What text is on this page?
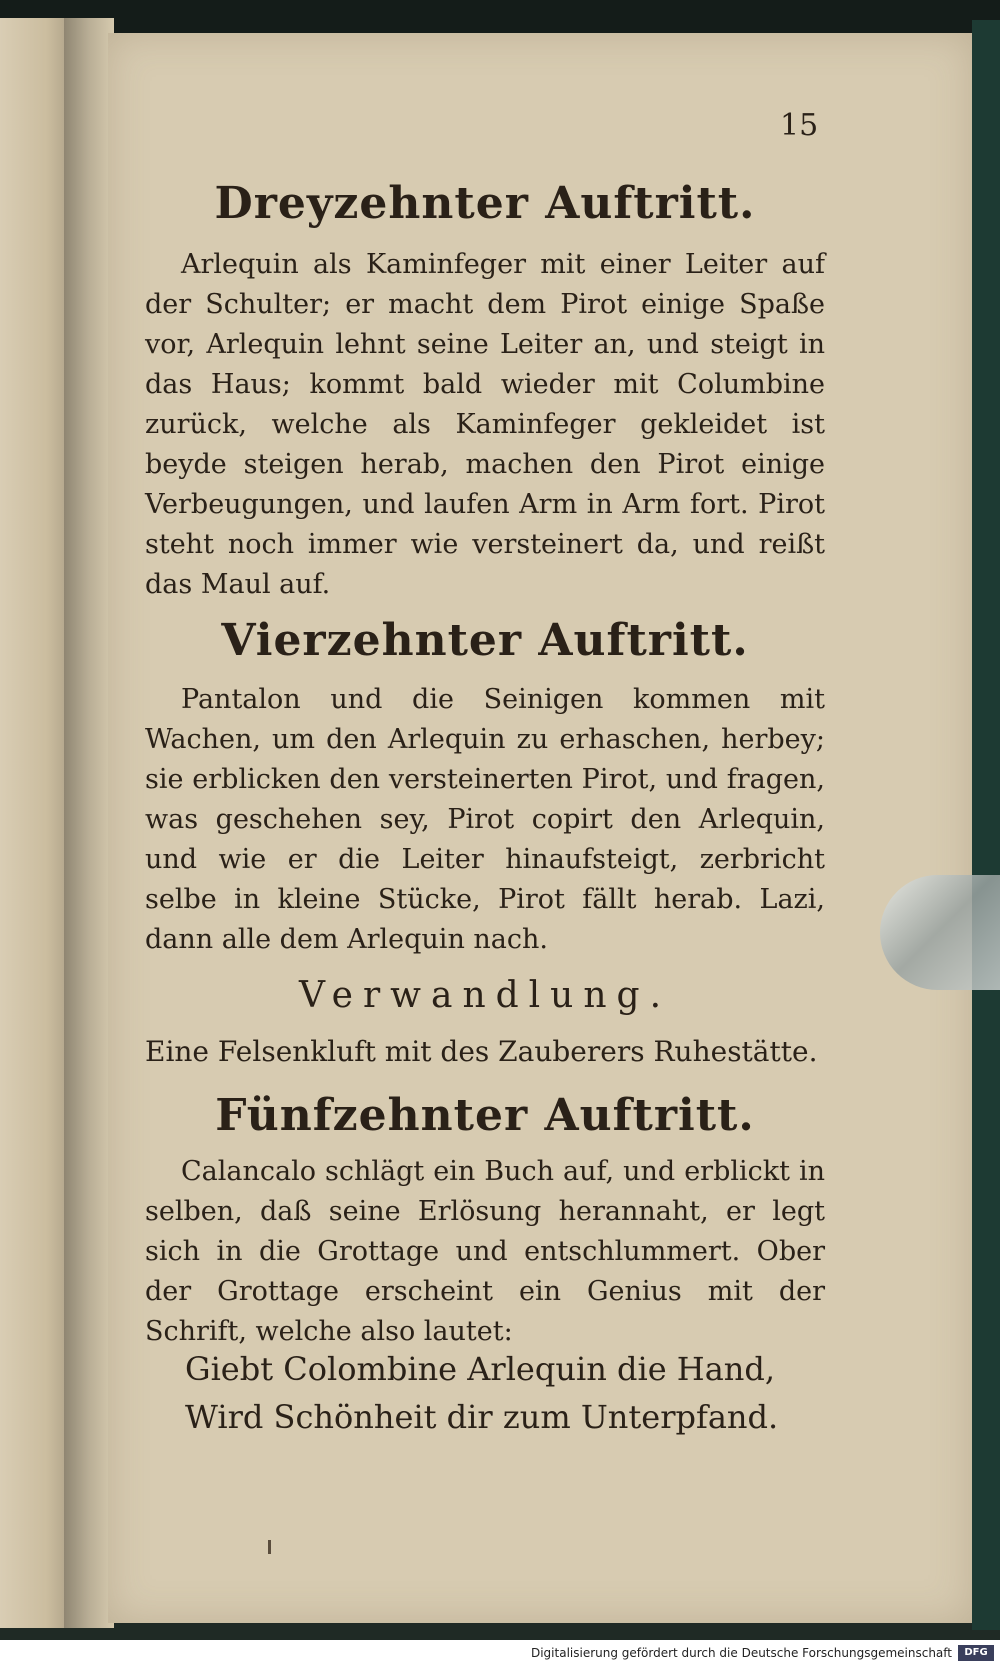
15
Dreyzehnter Auftritt.

Arlequin als Kaminfeger mit einer Leiter auf der Schulter; er macht dem Pirot einige Spaße vor, Arlequin lehnt seine Leiter an, und steigt in das Haus; kommt bald wieder mit Columbine zurück, welche als Kaminfeger gekleidet ist beyde steigen herab, machen den Pirot einige Verbeugungen, und laufen Arm in Arm fort. Pirot steht noch immer wie versteinert da, und reißt das Maul auf.

Vierzehnter Auftritt.

Pantalon und die Seinigen kommen mit Wachen, um den Arlequin zu erhaschen, herbey; sie erblicken den versteinerten Pirot, und fragen, was geschehen sey, Pirot copirt den Arlequin, und wie er die Leiter hinaufsteigt, zerbricht selbe in kleine Stücke, Pirot fällt herab. Lazi, dann alle dem Arlequin nach.

Verwandlung.
Eine Felsenkluft mit des Zauberers Ruhestätte.
Fünfzehnter Auftritt.

Calancalo schlägt ein Buch auf, und erblickt in selben, daß seine Erlösung herannaht, er legt sich in die Grottage und entschlummert. Ober der Grottage erscheint ein Genius mit der Schrift, welche also lautet:

Giebt Colombine Arlequin die Hand,
Wird Schönheit dir zum Unterpfand.
Digitalisierung gefördert durch die Deutsche Forschungsgemeinschaft	DFG
